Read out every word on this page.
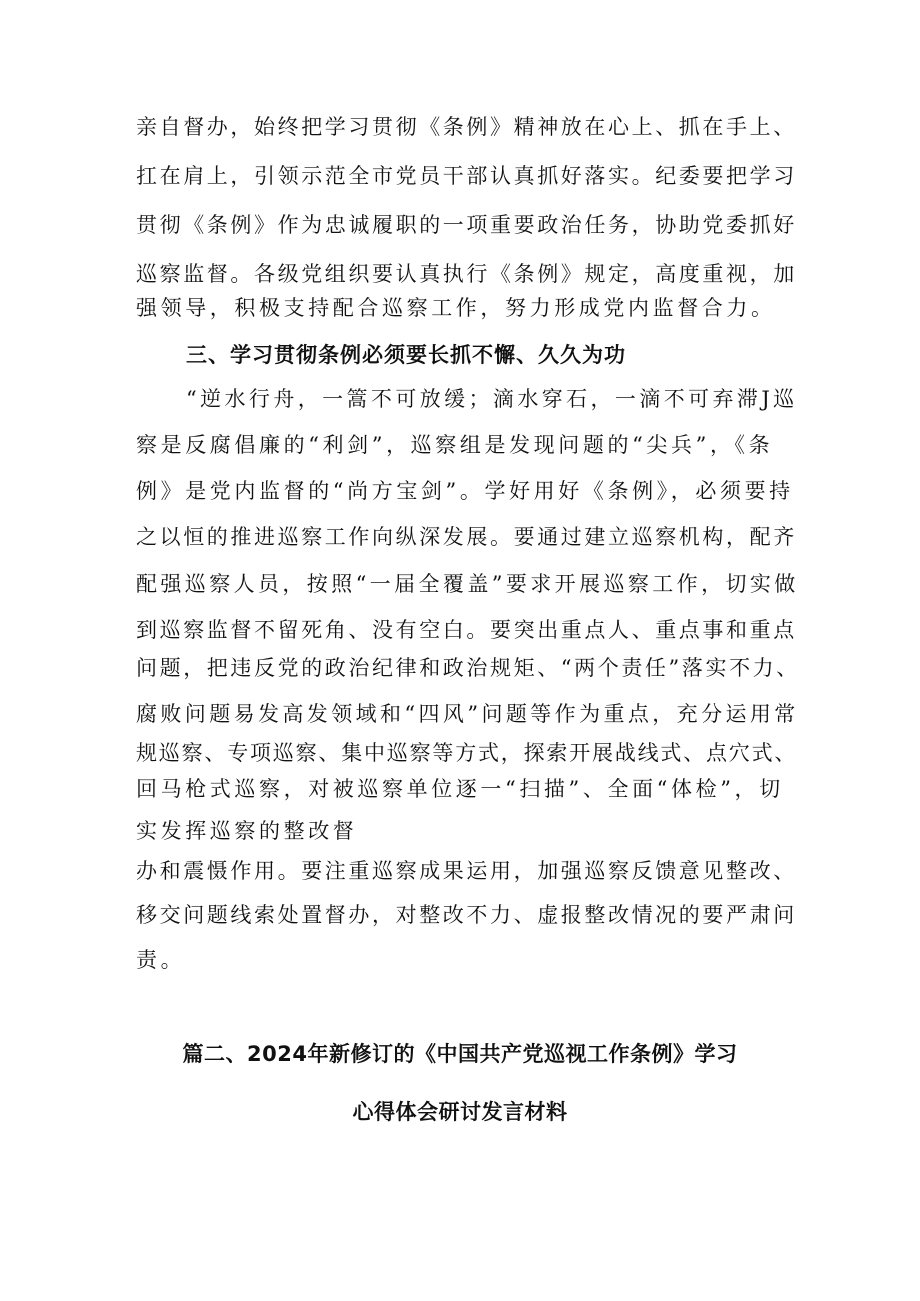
亲自督办，始终把学习贯彻《条例》精神放在心上、抓在手上、
扛在肩上，引领示范全市党员干部认真抓好落实。纪委要把学习
贯彻《条例》作为忠诚履职的一项重要政治任务，协助党委抓好
巡察监督。各级党组织要认真执行《条例》规定，高度重视，加
强领导，积极支持配合巡察工作，努力形成党内监督合力。
三、学习贯彻条例必须要长抓不懈、久久为功
“逆水行舟，一篙不可放缓；滴水穿石，一滴不可弃滞J巡
察是反腐倡廉的“利剑”，巡察组是发现问题的“尖兵”，《条
例》是党内监督的“尚方宝剑”。学好用好《条例》，必须要持
之以恒的推进巡察工作向纵深发展。要通过建立巡察机构，配齐
配强巡察人员，按照“一届全覆盖”要求开展巡察工作，切实做
到巡察监督不留死角、没有空白。要突出重点人、重点事和重点
问题，把违反党的政治纪律和政治规矩、“两个责任”落实不力、
腐败问题易发高发领域和“四风”问题等作为重点，充分运用常
规巡察、专项巡察、集中巡察等方式，探索开展战线式、点穴式、
回马枪式巡察，对被巡察单位逐一“扫描”、全面“体检”，切
实发挥巡察的整改督
办和震慑作用。要注重巡察成果运用，加强巡察反馈意见整改、
移交问题线索处置督办，对整改不力、虚报整改情况的要严肃问
责。
篇二、2024年新修订的《中国共产党巡视工作条例》学习
心得体会研讨发言材料
